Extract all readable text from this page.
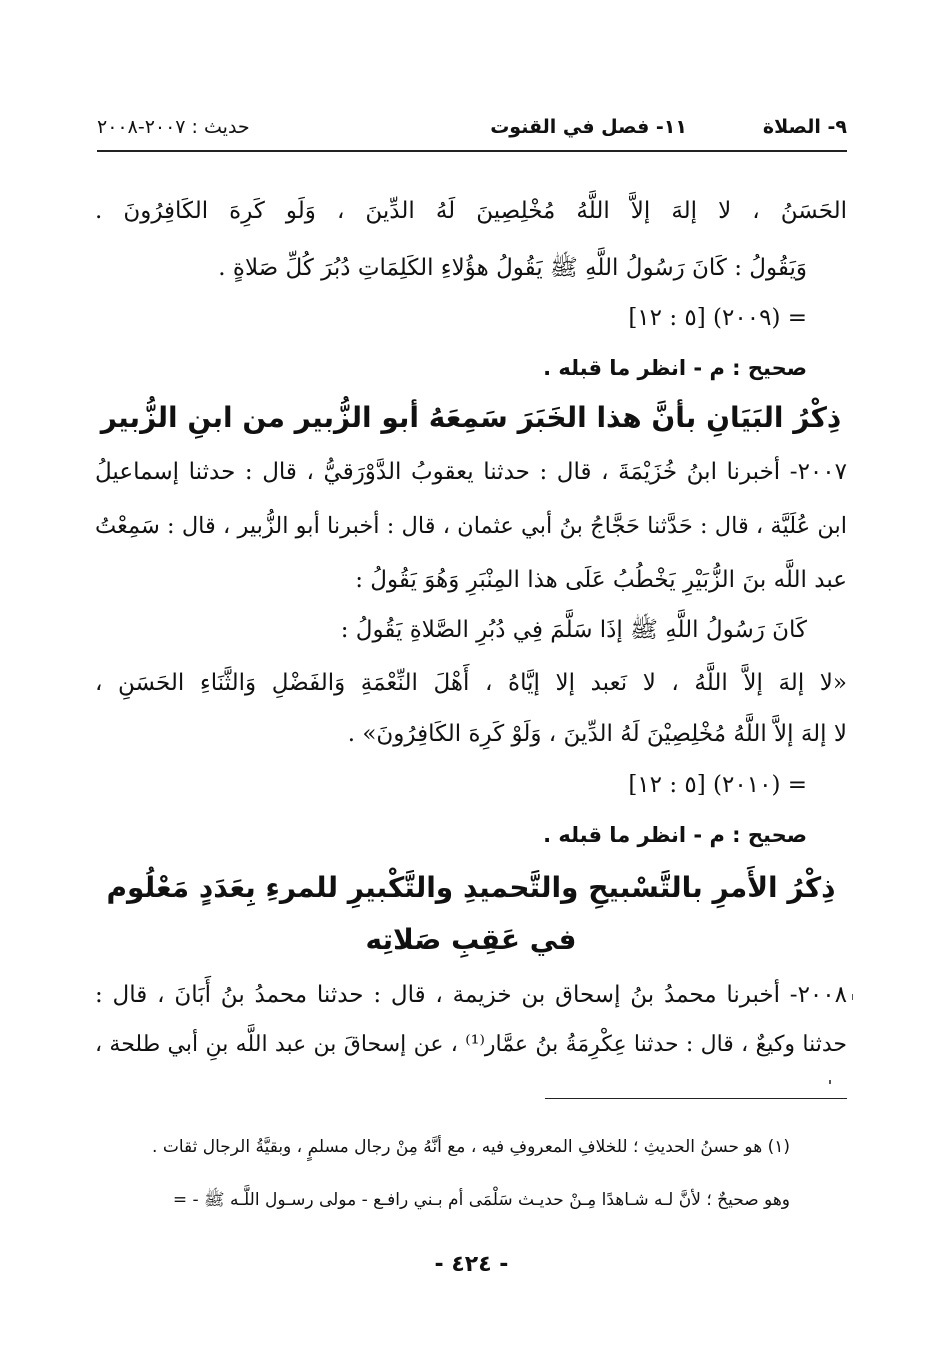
٩- الصلاة
١١- فصل في القنوت
حديث : ٢٠٠٧-٢٠٠٨
الحَسَنُ ، لا إلهَ إلاَّ اللَّهُ مُخْلِصِينَ لَهُ الدِّينَ ، وَلَو كَرِهَ الكَافِرُونَ .
وَيَقُولُ : كَانَ رَسُولُ اللَّهِ ﷺ يَقُولُ هؤُلاءِ الكَلِمَاتِ دُبُرَ كُلِّ صَلاةٍ .
= (٢٠٠٩) [٥ : ١٢]
صحيح : م - انظر ما قبله .
ذِكْرُ البَيَانِ بأنَّ هذا الخَبَرَ سَمِعَهُ أبو الزُّبير من ابنِ الزُّبير
٢٠٠٧- أخبرنا ابنُ خُزَيْمَةَ ، قال : حدثنا يعقوبُ الدَّوْرَقيُّ ، قال : حدثنا إسماعيلُ
ابن عُلَيَّة ، قال : حَدَّثنا حَجَّاجُ بنُ أبي عثمان ، قال : أخبرنا أبو الزُّبير ، قال : سَمِعْتُ
عبد اللَّه بنَ الزُّبَيْرِ يَخْطُبُ عَلَى هذا المِنْبَرِ وَهُوَ يَقُولُ :
كَانَ رَسُولُ اللَّهِ ﷺ إذَا سَلَّمَ فِي دُبُرِ الصَّلاةِ يَقُولُ :
«لا إلهَ إلاَّ اللَّهُ ، لا نَعبد إلا إيَّاهُ ، أَهْلَ النِّعْمَةِ وَالفَضْلِ وَالثَّنَاءِ الحَسَنِ ،
لا إلهَ إلاَّ اللَّهُ مُخْلِصِيْنَ لَهُ الدِّينَ ، وَلَوْ كَرِهَ الكَافِرُونَ» .
= (٢٠١٠) [٥ : ١٢]
صحيح : م - انظر ما قبله .
ذِكْرُ الأَمرِ بالتَّسْبيحِ والتَّحميدِ والتَّكْبيرِ للمرءِ بِعَدَدٍ مَعْلُوم
في عَقِبِ صَلاتِه
٢٠٠٨- أخبرنا محمدُ بنُ إسحاق بن خزيمة ، قال : حدثنا محمدُ بنُ أَبَانَ ، قال :
حدثنا وكيعٌ ، قال : حدثنا عِكْرِمَةُ بنُ عمَّار⁽¹⁾ ، عن إسحاقَ بن عبد اللَّه بنِ أبي طلحة ،
(١) هو حسنُ الحديثِ ؛ للخلافِ المعروفِ فيه ، مع أنَّهُ مِنْ رجال مسلمٍ ، وبقيَّةُ الرجال ثقات .
وهو صحيحٌ ؛ لأنَّ لـه شـاهدًا مِـنْ حديـث سَلْمَى أم بـني رافـع - مولى رسـول اللَّـه ﷺ - =
- ٤٢٤ -
